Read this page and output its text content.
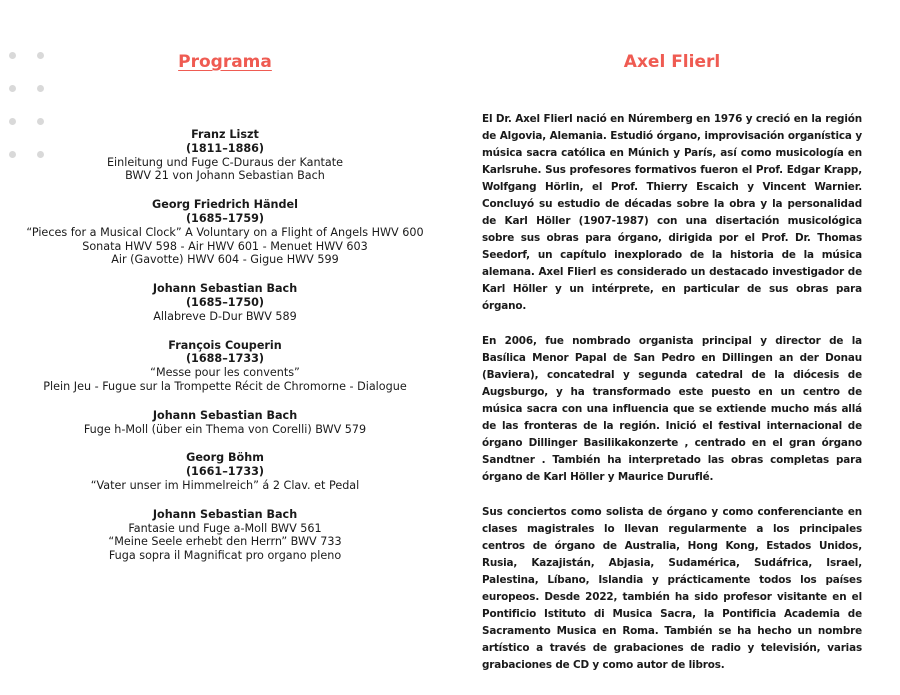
Programa
Franz Liszt
(1811–1886)
Einleitung und Fuge C-Duraus der Kantate
BWV 21 von Johann Sebastian Bach
Georg Friedrich Händel
(1685–1759)
“Pieces for a Musical Clock” A Voluntary on a Flight of Angels HWV 600
Sonata HWV 598 - Air HWV 601 - Menuet HWV 603
Air (Gavotte) HWV 604 - Gigue HWV 599
Johann Sebastian Bach
(1685–1750)
Allabreve D-Dur BWV 589
François Couperin
(1688–1733)
“Messe pour les convents”
Plein Jeu - Fugue sur la Trompette Récit de Chromorne - Dialogue
Johann Sebastian Bach
Fuge h-Moll (über ein Thema von Corelli) BWV 579
Georg Böhm
(1661–1733)
“Vater unser im Himmelreich” á 2 Clav. et Pedal
Johann Sebastian Bach
Fantasie und Fuge a-Moll BWV 561
“Meine Seele erhebt den Herrn” BWV 733
Fuga sopra il Magnificat pro organo pleno
Axel Flierl

El Dr. Axel Flierl nació en Núremberg en 1976 y creció en la región de Algovia, Alemania. Estudió órgano, improvisación organística y música sacra católica en Múnich y París, así como musicología en Karlsruhe. Sus profesores formativos fueron el Prof. Edgar Krapp, Wolfgang Hörlin, el Prof. Thierry Escaich y Vincent Warnier. Concluyó su estudio de décadas sobre la obra y la personalidad de Karl Höller (1907-1987) con una disertación musicológica sobre sus obras para órgano, dirigida por el Prof. Dr. Thomas Seedorf, un capítulo inexplorado de la historia de la música alemana. Axel Flierl es considerado un destacado investigador de Karl Höller y un intérprete, en particular de sus obras para órgano.

En 2006, fue nombrado organista principal y director de la Basílica Menor Papal de San Pedro en Dillingen an der Donau (Baviera), concatedral y segunda catedral de la diócesis de Augsburgo, y ha transformado este puesto en un centro de música sacra con una influencia que se extiende mucho más allá de las fronteras de la región. Inició el festival internacional de órgano Dillinger Basilikakonzerte , centrado en el gran órgano Sandtner . También ha interpretado las obras completas para órgano de Karl Höller y Maurice Duruflé.

Sus conciertos como solista de órgano y como conferenciante en clases magistrales lo llevan regularmente a los principales centros de órgano de Australia, Hong Kong, Estados Unidos, Rusia, Kazajistán, Abjasia, Sudamérica, Sudáfrica, Israel, Palestina, Líbano, Islandia y prácticamente todos los países europeos. Desde 2022, también ha sido profesor visitante en el Pontificio Istituto di Musica Sacra, la Pontificia Academia de Sacramento Musica en Roma. También se ha hecho un nombre artístico a través de grabaciones de radio y televisión, varias grabaciones de CD y como autor de libros.
